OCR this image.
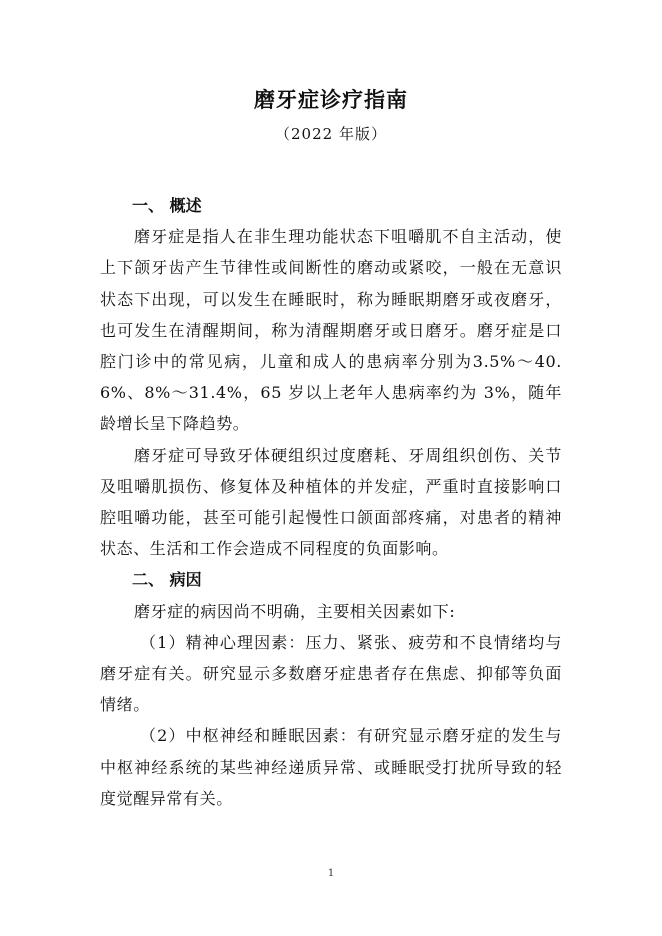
磨牙症诊疗指南
（2022 年版）
一、 概述

磨牙症是指人在非生理功能状态下咀嚼肌不自主活动，使上下颌牙齿产生节律性或间断性的磨动或紧咬，一般在无意识状态下出现，可以发生在睡眠时，称为睡眠期磨牙或夜磨牙，也可发生在清醒期间，称为清醒期磨牙或日磨牙。磨牙症是口腔门诊中的常见病，儿童和成人的患病率分别为3.5%～40.6%、8%～31.4%，65 岁以上老年人患病率约为 3%，随年龄增长呈下降趋势。

磨牙症可导致牙体硬组织过度磨耗、牙周组织创伤、关节及咀嚼肌损伤、修复体及种植体的并发症，严重时直接影响口腔咀嚼功能，甚至可能引起慢性口颌面部疼痛，对患者的精神状态、生活和工作会造成不同程度的负面影响。

二、 病因

磨牙症的病因尚不明确，主要相关因素如下:

（1）精神心理因素：压力、紧张、疲劳和不良情绪均与磨牙症有关。研究显示多数磨牙症患者存在焦虑、抑郁等负面情绪。

（2）中枢神经和睡眠因素：有研究显示磨牙症的发生与中枢神经系统的某些神经递质异常、或睡眠受打扰所导致的轻度觉醒异常有关。

1
